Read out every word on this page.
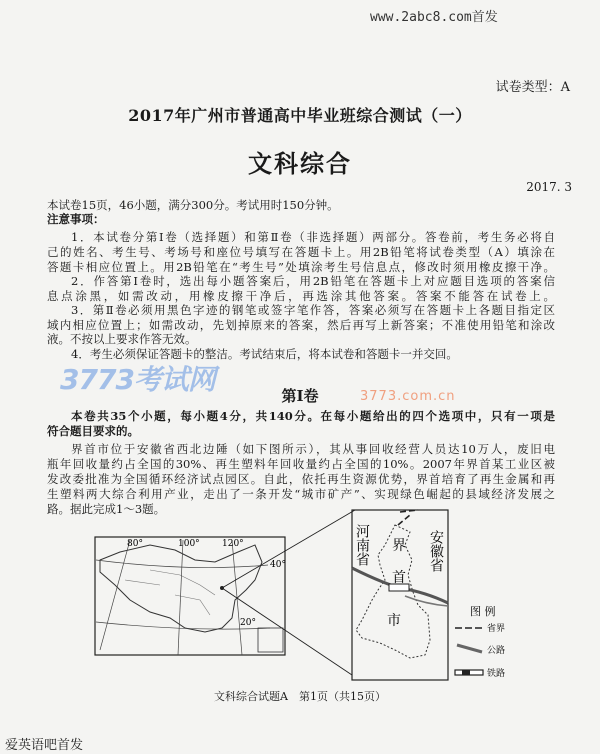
www.2abc8.com首发
试卷类型：A
2017年广州市普通高中毕业班综合测试（一）
文科综合
2017. 3
本试卷15页，46小题，满分300分。考试用时150分钟。
注意事项：
1．本试卷分第Ⅰ卷（选择题）和第Ⅱ卷（非选择题）两部分。答卷前，考生务必将自
己的姓名、考生号、考场号和座位号填写在答题卡上。用2B铅笔将试卷类型（A）填涂在
答题卡相应位置上。用2B铅笔在“考生号”处填涂考生号信息点，修改时须用橡皮擦干净。
2．作答第Ⅰ卷时，选出每小题答案后，用2B铅笔在答题卡上对应题目选项的答案信
息点涂黑，如需改动，用橡皮擦干净后，再选涂其他答案。答案不能答在试卷上。
3．第Ⅱ卷必须用黑色字迹的钢笔或签字笔作答，答案必须写在答题卡上各题目指定区
域内相应位置上；如需改动，先划掉原来的答案，然后再写上新答案；不准使用铅笔和涂改
液。不按以上要求作答无效。
4．考生必须保证答题卡的整洁。考试结束后，将本试卷和答题卡一并交回。
3773考试网	第Ⅰ卷	3773.com.cn
本卷共35个小题，每小题4分，共140分。在每小题给出的四个选项中，只有一项是
符合题目要求的。
界首市位于安徽省西北边陲（如下图所示），其从事回收经营人员达10万人，废旧电
瓶年回收量约占全国的30%、再生塑料年回收量约占全国的10%。2007年界首某工业区被
发改委批准为全国循环经济试点园区。自此，依托再生资源优势，界首培育了再生金属和再
生塑料两大综合利用产业，走出了一条开发“城市矿产”、实现绿色崛起的县域经济发展之
路。据此完成1～3题。
80°	100° 120°
40°
20°
河南省	安徽省
界
首
市
图 例
省界
公路
铁路
文科综合试题A　第1页（共15页）
爱英语吧首发
